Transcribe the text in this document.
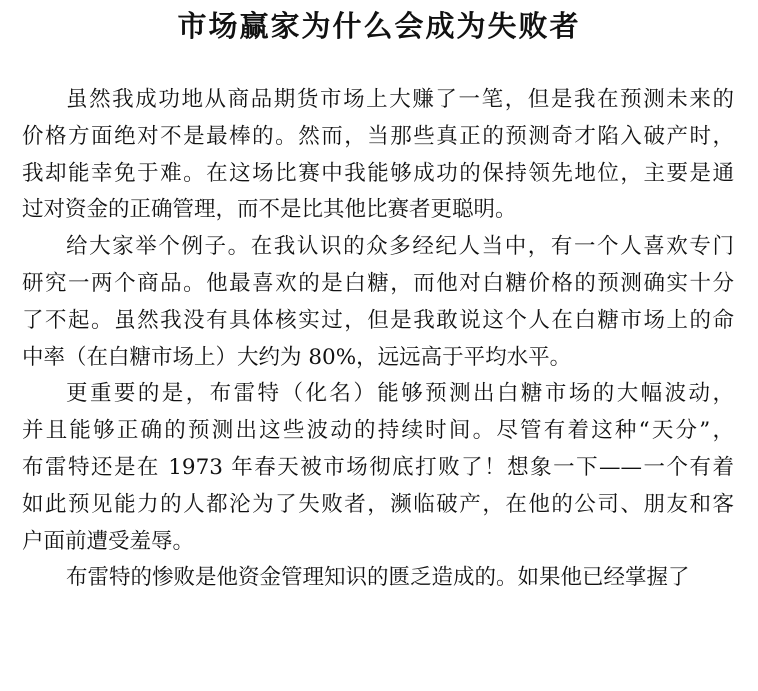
市场赢家为什么会成为失败者

虽然我成功地从商品期货市场上大赚了一笔，但是我在预测未来的
价格方面绝对不是最棒的。然而，当那些真正的预测奇才陷入破产时，
我却能幸免于难。在这场比赛中我能够成功的保持领先地位，主要是通
过对资金的正确管理，而不是比其他比赛者更聪明。

给大家举个例子。在我认识的众多经纪人当中，有一个人喜欢专门
研究一两个商品。他最喜欢的是白糖，而他对白糖价格的预测确实十分
了不起。虽然我没有具体核实过，但是我敢说这个人在白糖市场上的命
中率（在白糖市场上）大约为 80%，远远高于平均水平。

更重要的是，布雷特（化名）能够预测出白糖市场的大幅波动，
并且能够正确的预测出这些波动的持续时间。尽管有着这种“天分”，
布雷特还是在 1973 年春天被市场彻底打败了！想象一下——一个有着
如此预见能力的人都沦为了失败者，濒临破产，在他的公司、朋友和客
户面前遭受羞辱。

布雷特的惨败是他资金管理知识的匮乏造成的。如果他已经掌握了
